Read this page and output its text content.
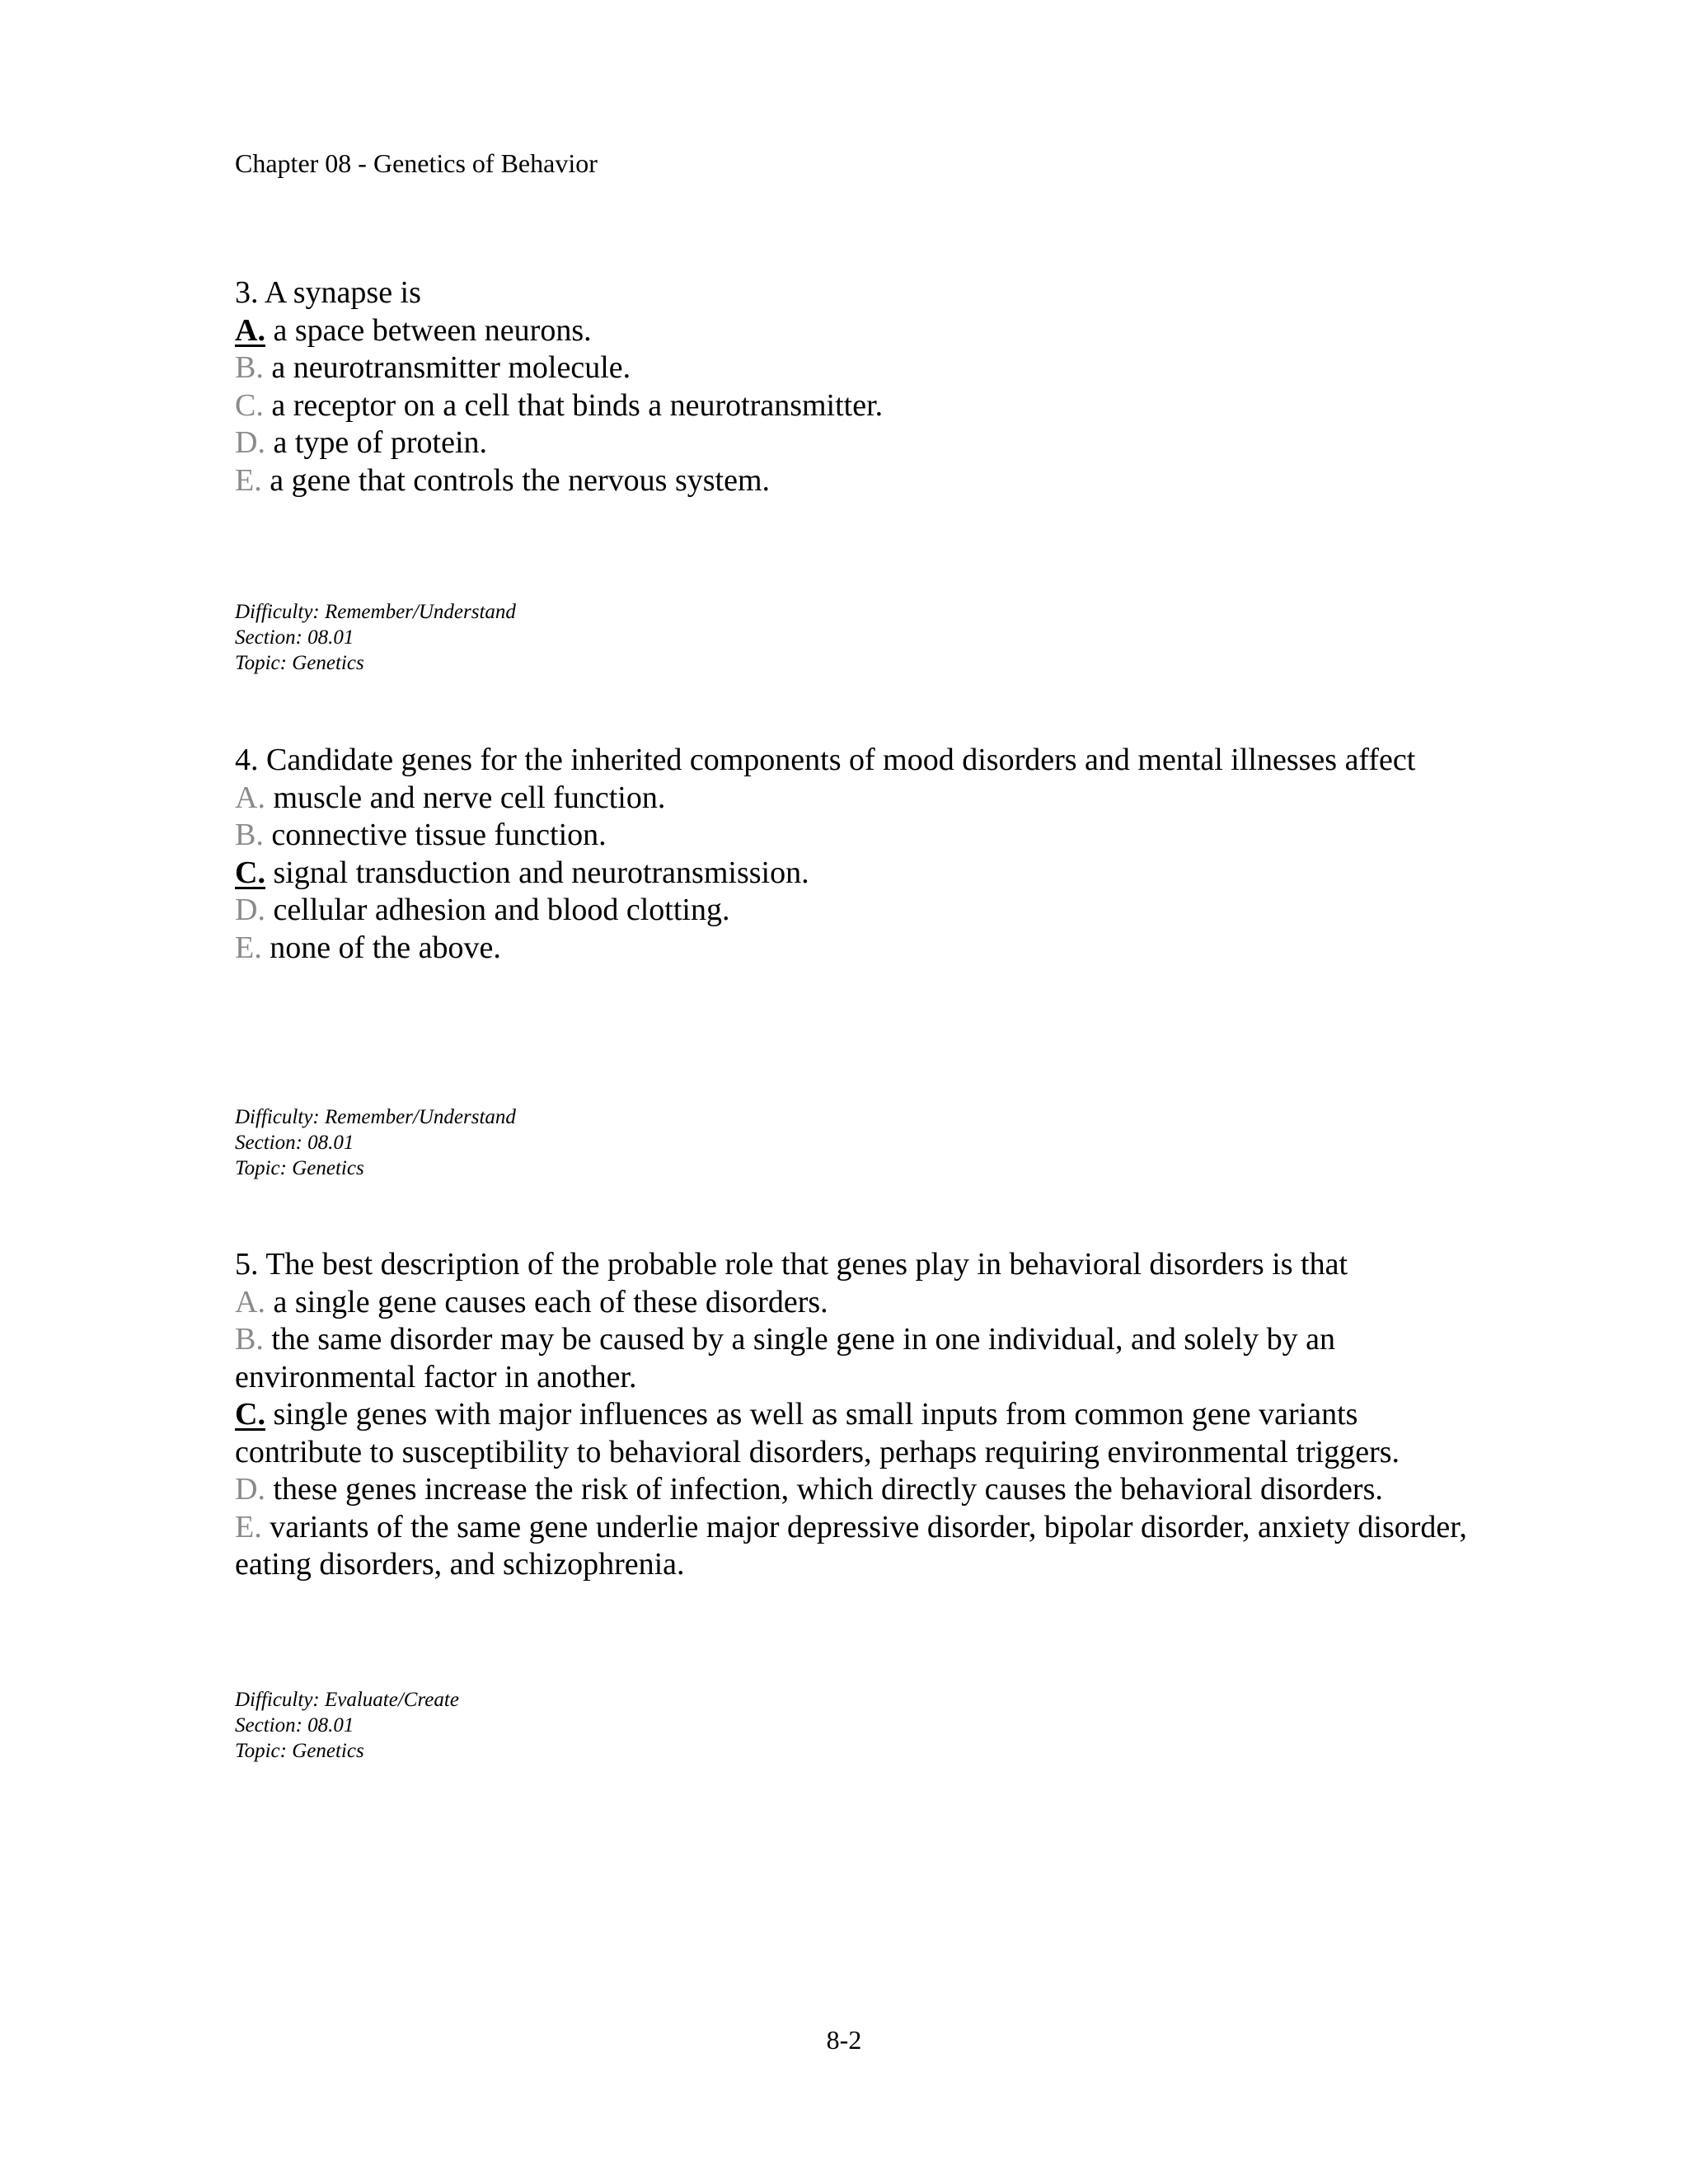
Chapter 08 - Genetics of Behavior
3. A synapse is
A. a space between neurons.
B. a neurotransmitter molecule.
C. a receptor on a cell that binds a neurotransmitter.
D. a type of protein.
E. a gene that controls the nervous system.
Difficulty: Remember/Understand
Section: 08.01
Topic: Genetics
4. Candidate genes for the inherited components of mood disorders and mental illnesses affect
A. muscle and nerve cell function.
B. connective tissue function.
C. signal transduction and neurotransmission.
D. cellular adhesion and blood clotting.
E. none of the above.
Difficulty: Remember/Understand
Section: 08.01
Topic: Genetics
5. The best description of the probable role that genes play in behavioral disorders is that
A. a single gene causes each of these disorders.
B. the same disorder may be caused by a single gene in one individual, and solely by an environmental factor in another.
C. single genes with major influences as well as small inputs from common gene variants contribute to susceptibility to behavioral disorders, perhaps requiring environmental triggers.
D. these genes increase the risk of infection, which directly causes the behavioral disorders.
E. variants of the same gene underlie major depressive disorder, bipolar disorder, anxiety disorder, eating disorders, and schizophrenia.
Difficulty: Evaluate/Create
Section: 08.01
Topic: Genetics
8-2
